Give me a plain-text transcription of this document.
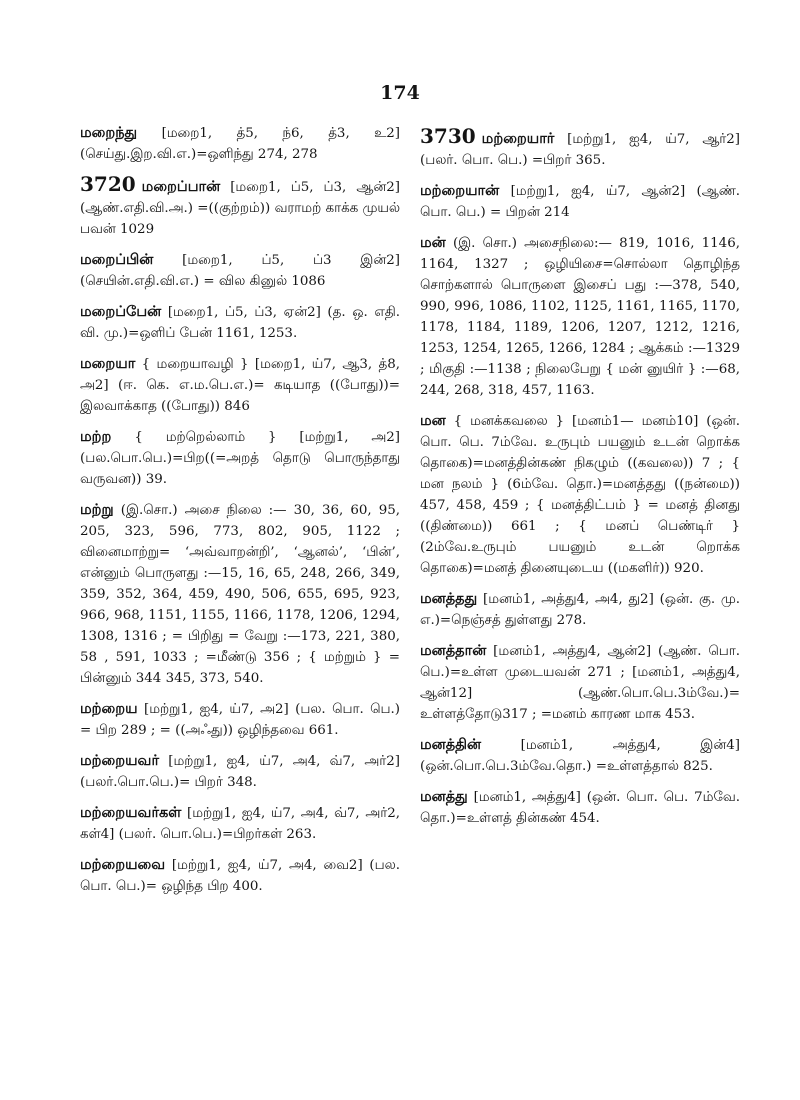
174

மறைந்து [மறை1, த்5, ந்6, த்3, உ2] (செய்து.இற.வி.எ.)=ஒளிந்து 274, 278

3720 மறைப்பான் [மறை1, ப்5, ப்3, ஆன்2] (ஆண்.எதி.வி.அ.) =((குற்றம்)) வராமற் காக்க முயல் பவன் 1029

மறைப்பின் [மறை1, ப்5, ப்3 இன்2] (செயின்.எதி.வி.எ.) = வில கினுல் 1086

மறைப்பேன் [மறை1, ப்5, ப்3, ஏன்2] (த. ஒ. எதி. வி. மு.)=ஒளிப் பேன் 1161, 1253.

மறையா { மறையாவழி } [மறை1, ய்7, ஆ3, த்8, அ2] (ஈ. கெ. எ.ம.பெ.எ.)= கடியாத ((போது))= இலவாக்காத ((போது)) 846

மற்ற { மற்றெல்லாம் } [மற்று1, அ2] (பல.பொ.பெ.)=பிற((=அறத் தொடு பொருந்தாது வருவன)) 39.

மற்று (இ.சொ.) அசை நிலை :— 30, 36, 60, 95, 205, 323, 596, 773, 802, 905, 1122 ; வினைமாற்று= ‘அவ்வாறன்றி’, ‘ஆனல்’, ‘பின்’, என்னும் பொருளது :—15, 16, 65, 248, 266, 349, 359, 352, 364, 459, 490, 506, 655, 695, 923, 966, 968, 1151, 1155, 1166, 1178, 1206, 1294, 1308, 1316 ; = பிறிது = வேறு :—173, 221, 380, 58 , 591, 1033 ; =மீண்டு 356 ; { மற்றும் } = பின்னும் 344 345, 373, 540.

மற்றைய [மற்று1, ஐ4, ய்7, அ2] (பல. பொ. பெ.) = பிற 289 ; = ((அஃது)) ஒழிந்தவை 661.

மற்றையவர் [மற்று1, ஐ4, ய்7, அ4, வ்7, அர்2] (பலர்.பொ.பெ.)= பிறர் 348.

மற்றையவர்கள் [மற்று1, ஐ4, ய்7, அ4, வ்7, அர்2, கள்4] (பலர். பொ.பெ.)=பிறர்கள் 263.

மற்றையவை [மற்று1, ஐ4, ய்7, அ4, வை2] (பல. பொ. பெ.)= ஒழிந்த பிற 400.

3730 மற்றையார் [மற்று1, ஐ4, ய்7, ஆர்2] (பலர். பொ. பெ.) =பிறர் 365.

மற்றையான் [மற்று1, ஐ4, ய்7, ஆன்2] (ஆண். பொ. பெ.) = பிறன் 214

மன் (இ. சொ.) அசைநிலை:— 819, 1016, 1146, 1164, 1327 ; ஒழியிசை=சொல்லா தொழிந்த சொற்களால் பொருளை இசைப் பது :—378, 540, 990, 996, 1086, 1102, 1125, 1161, 1165, 1170, 1178, 1184, 1189, 1206, 1207, 1212, 1216, 1253, 1254, 1265, 1266, 1284 ; ஆக்கம் :—1329 ; மிகுதி :—1138 ; நிலைபேறு { மன் னுயிர் } :—68, 244, 268, 318, 457, 1163.

மன { மனக்கவலை } [மனம்1— மனம்10] (ஒன். பொ. பெ. 7ம்வே. உருபும் பயனும் உடன் றொக்க தொகை)=மனத்தின்கண் நிகழும் ((கவலை)) 7 ; { மன நலம் } (6ம்வே. தொ.)=மனத்தது ((நன்மை)) 457, 458, 459 ; { மனத்திட்பம் } = மனத் தினது ((திண்மை)) 661 ; { மனப் பெண்டிர் } (2ம்வே.உருபும் பயனும் உடன் றொக்க தொகை)=மனத் தினையுடைய ((மகளிர்)) 920.

மனத்தது [மனம்1, அத்து4, அ4, து2] (ஒன். கு. மு. எ.)=நெஞ்சத் துள்ளது 278.

மனத்தான் [மனம்1, அத்து4, ஆன்2] (ஆண். பொ. பெ.)=உள்ள முடையவன் 271 ; [மனம்1, அத்து4, ஆன்12] (ஆண்.பொ.பெ.3ம்வே.)= உள்ளத்தோடு317 ; =மனம் காரண மாக 453.

மனத்தின்	[மனம்1, அத்து4, இன்4] (ஒன்.பொ.பெ.3ம்வே.தொ.) =உள்ளத்தால் 825.

மனத்து [மனம்1, அத்து4] (ஒன். பொ. பெ. 7ம்வே. தொ.)=உள்ளத் தின்கண் 454.
